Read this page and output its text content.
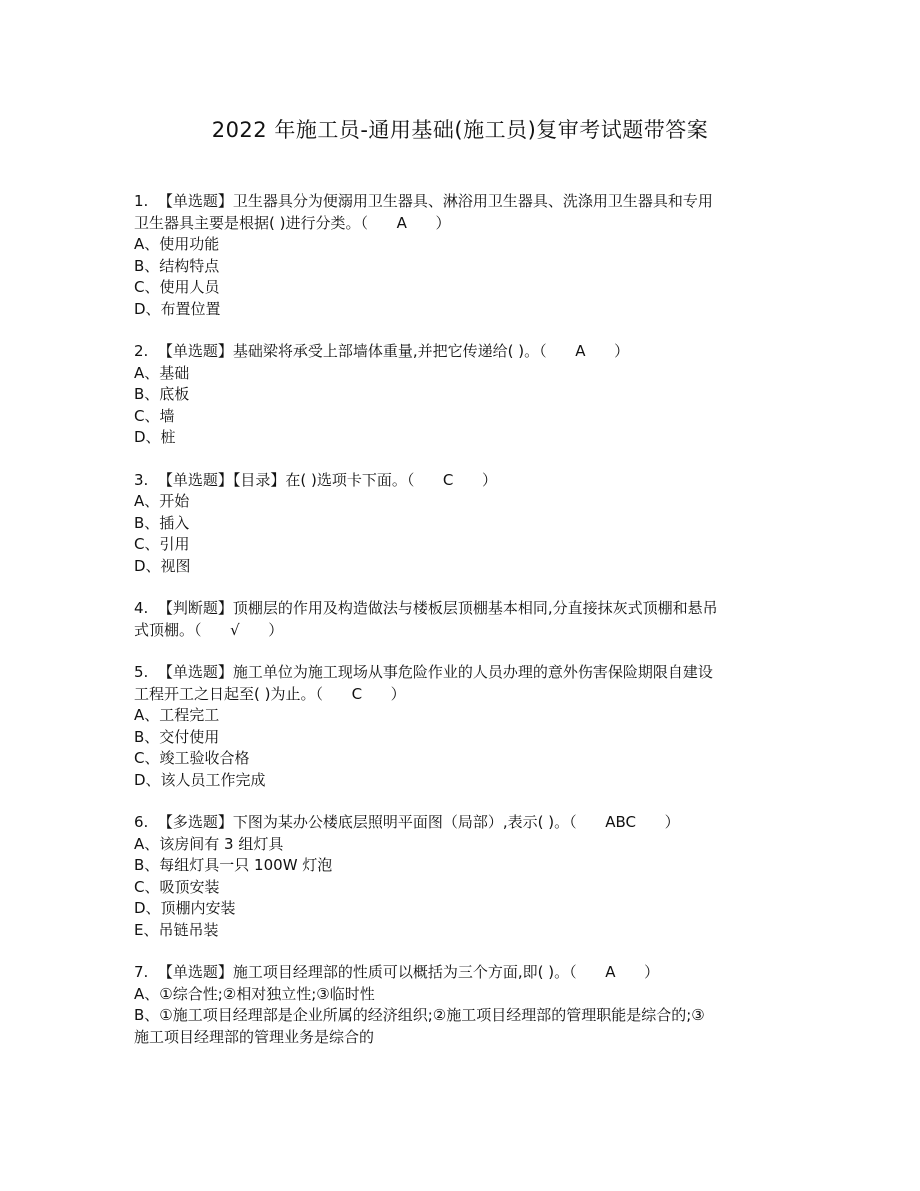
2022 年施工员-通用基础(施工员)复审考试题带答案
1.  【单选题】卫生器具分为便溺用卫生器具、淋浴用卫生器具、洗涤用卫生器具和专用
卫生器具主要是根据( )进行分类。（      A      ）
A、使用功能
B、结构特点
C、使用人员
D、布置位置
2.  【单选题】基础梁将承受上部墙体重量,并把它传递给( )。（      A      ）
A、基础
B、底板
C、墙
D、桩
3.  【单选题】【目录】在( )选项卡下面。（      C      ）
A、开始
B、插入
C、引用
D、视图
4.  【判断题】顶棚层的作用及构造做法与楼板层顶棚基本相同,分直接抹灰式顶棚和悬吊
式顶棚。（      √      ）
5.  【单选题】施工单位为施工现场从事危险作业的人员办理的意外伤害保险期限自建设
工程开工之日起至( )为止。（      C      ）
A、工程完工
B、交付使用
C、竣工验收合格
D、该人员工作完成
6.  【多选题】下图为某办公楼底层照明平面图（局部）,表示( )。（      ABC      ）
A、该房间有 3 组灯具
B、每组灯具一只 100W 灯泡
C、吸顶安装
D、顶棚内安装
E、吊链吊装
7.  【单选题】施工项目经理部的性质可以概括为三个方面,即( )。（      A      ）
A、①综合性;②相对独立性;③临时性
B、①施工项目经理部是企业所属的经济组织;②施工项目经理部的管理职能是综合的;③
施工项目经理部的管理业务是综合的
